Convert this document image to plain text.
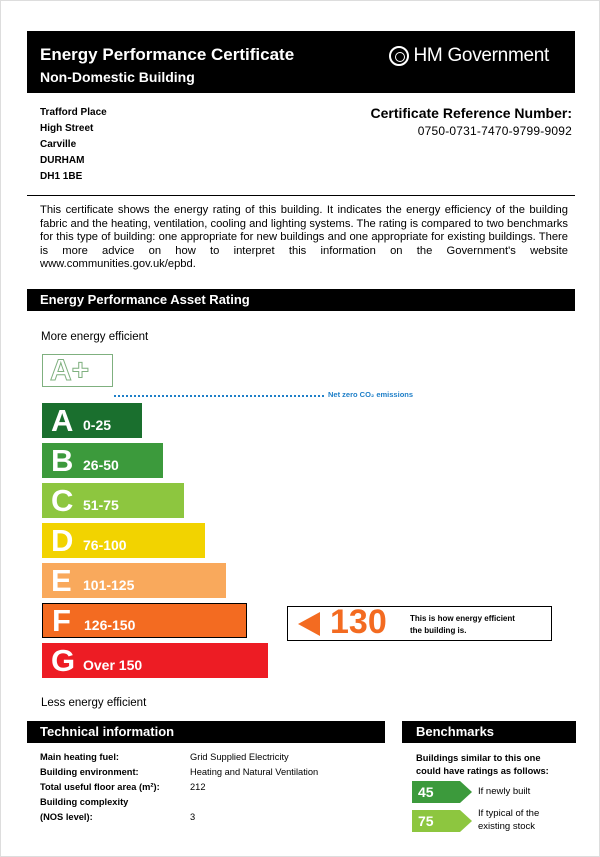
Energy Performance Certificate
Non-Domestic Building
HM Government
Trafford Place
High Street
Carville
DURHAM
DH1 1BE
Certificate Reference Number:
0750-0731-7470-9799-9092
This certificate shows the energy rating of this building. It indicates the energy efficiency of the building fabric and the heating, ventilation, cooling and lighting systems. The rating is compared to two benchmarks for this type of building: one appropriate for new buildings and one appropriate for existing buildings. There is more advice on how to interpret this information on the Government's website www.communities.gov.uk/epbd.
Energy Performance Asset Rating
More energy efficient
A+
Net zero CO₂ emissions
A 0-25
B 26-50
C 51-75
D 76-100
E 101-125
F 126-150
G Over 150
130	This is how energy efficient
the building is.
Less energy efficient
Technical information
Main heating fuel:	Grid Supplied Electricity
Building environment:	Heating and Natural Ventilation
Total useful floor area (m²):	212
Building complexity
(NOS level):	3
Benchmarks
Buildings similar to this one
could have ratings as follows:
45	If newly built
75	If typical of the
existing stock
